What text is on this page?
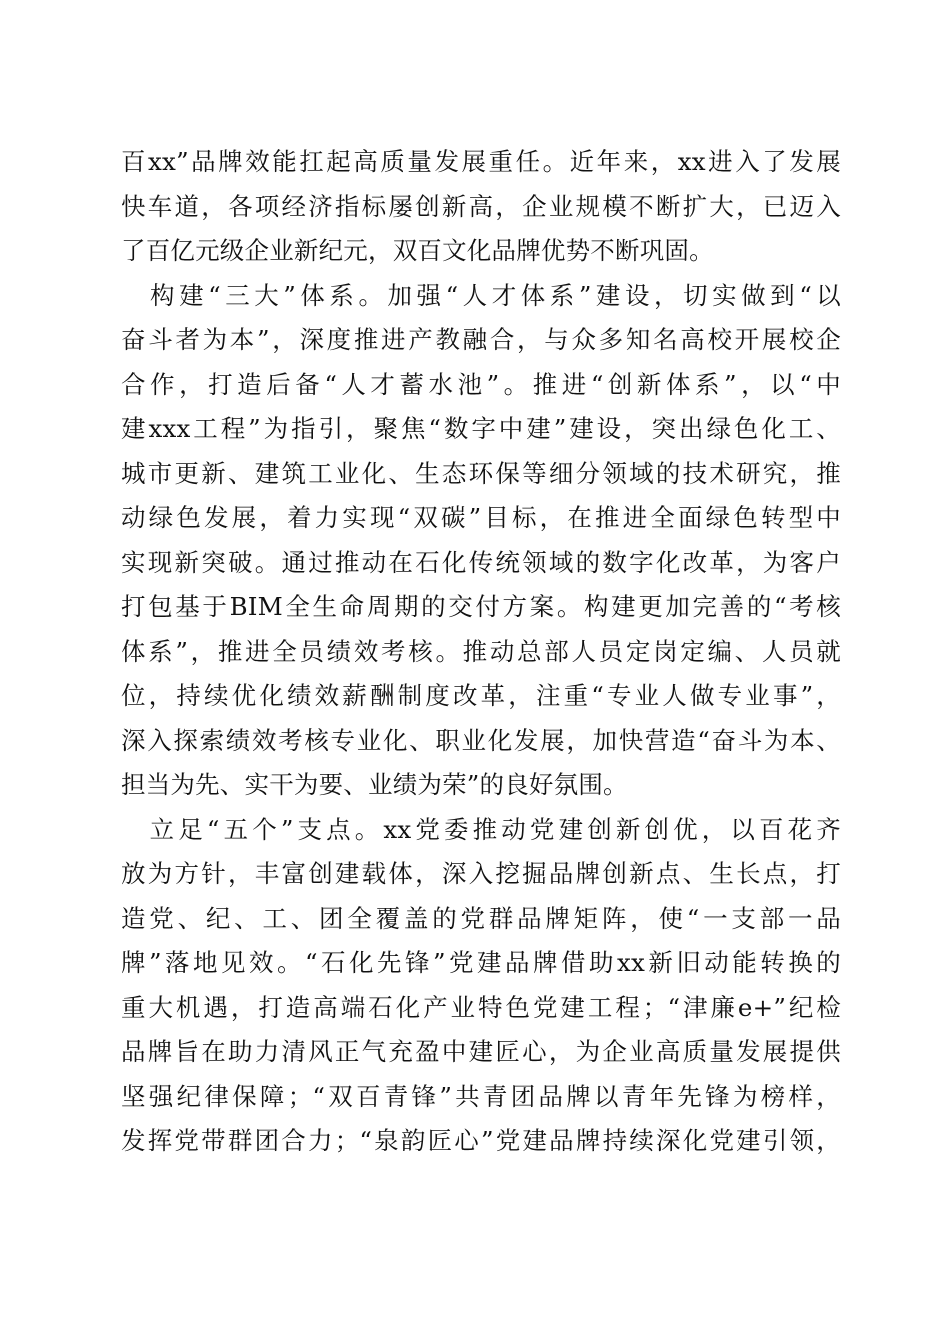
百xx”品牌效能扛起高质量发展重任。近年来，xx进入了发展
快车道，各项经济指标屡创新高，企业规模不断扩大，已迈入
了百亿元级企业新纪元，双百文化品牌优势不断巩固。
　构建“三大”体系。加强“人才体系”建设，切实做到“以
奋斗者为本”，深度推进产教融合，与众多知名高校开展校企
合作，打造后备“人才蓄水池”。推进“创新体系”，以“中
建xxx工程”为指引，聚焦“数字中建”建设，突出绿色化工、
城市更新、建筑工业化、生态环保等细分领域的技术研究，推
动绿色发展，着力实现“双碳”目标，在推进全面绿色转型中
实现新突破。通过推动在石化传统领域的数字化改革，为客户
打包基于BIM全生命周期的交付方案。构建更加完善的“考核
体系”，推进全员绩效考核。推动总部人员定岗定编、人员就
位，持续优化绩效薪酬制度改革，注重“专业人做专业事”，
深入探索绩效考核专业化、职业化发展，加快营造“奋斗为本、
担当为先、实干为要、业绩为荣”的良好氛围。
　立足“五个”支点。xx党委推动党建创新创优，以百花齐
放为方针，丰富创建载体，深入挖掘品牌创新点、生长点，打
造党、纪、工、团全覆盖的党群品牌矩阵，使“一支部一品
牌”落地见效。“石化先锋”党建品牌借助xx新旧动能转换的
重大机遇，打造高端石化产业特色党建工程；“津廉e+”纪检
品牌旨在助力清风正气充盈中建匠心，为企业高质量发展提供
坚强纪律保障；“双百青锋”共青团品牌以青年先锋为榜样，
发挥党带群团合力；“泉韵匠心”党建品牌持续深化党建引领，
